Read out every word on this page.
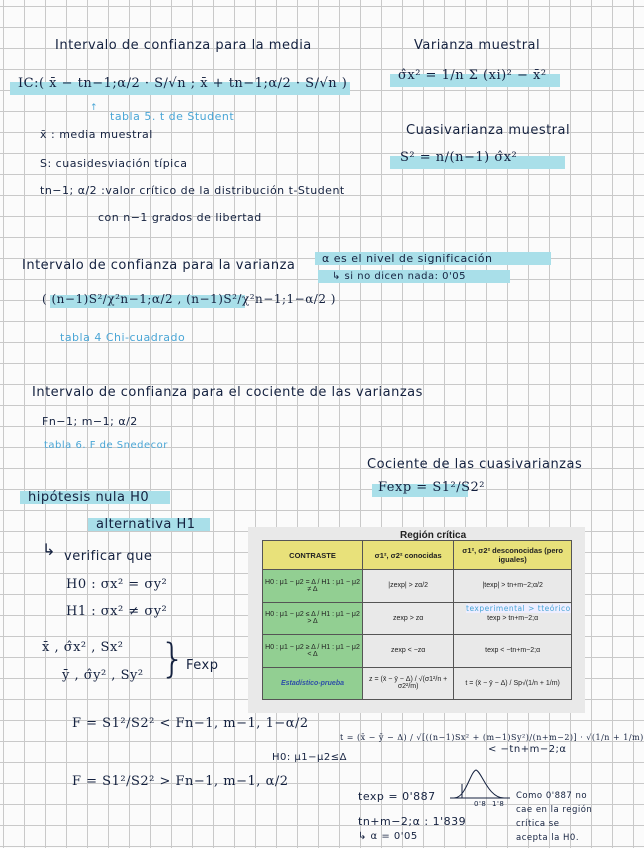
Intervalo de confianza para la media
IC:( x̄ − tn−1;α/2 · S/√n ; x̄ + tn−1;α/2 · S/√n )
↑
tabla 5. t de Student
x̄ : media muestral
S: cuasidesviación típica
tn−1; α/2 :valor crítico de la distribución t-Student
con n−1 grados de libertad
Varianza muestral
σ̂x² = 1/n Σ (xi)² − x̄²
Cuasivarianza muestral
S² = n/(n−1) σ̂x²
Intervalo de confianza para la varianza
( (n−1)S²/χ²n−1;α/2 , (n−1)S²/χ²n−1;1−α/2 )
tabla 4 Chi-cuadrado
α es el nivel de significación
↳ si no dicen nada: 0'05
Intervalo de confianza para el cociente de las varianzas
Fn−1; m−1; α/2
tabla 6. F de Snedecor
Cociente de las cuasivarianzas
Fexp = S1²/S2²
hipótesis nula H0
alternativa H1
↳ verificar que
H0 : σx² = σy²
H1 : σx² ≠ σy²
x̄ , σ̂x² , Sx²
ȳ , σ̂y² , Sy² } Fexp
F = S1²/S2² < Fn−1, m−1, 1−α/2
F = S1²/S2² > Fn−1, m−1, α/2
Región crítica
CONTRASTE	σ1², σ2² conocidas	σ1², σ2² desconocidas (pero iguales)
H0 : μ1 − μ2 = Δ / H1 : μ1 − μ2 ≠ Δ	|zexp| > zα/2	|texp| > tn+m−2;α/2
H0 : μ1 − μ2 ≤ Δ / H1 : μ1 − μ2 > Δ	zexp > zα	texp > tn+m−2;α
H0 : μ1 − μ2 ≥ Δ / H1 : μ1 − μ2 < Δ	zexp < −zα	texp < −tn+m−2;α
Estadístico-prueba	z = (x̄ − ȳ − Δ) / √(σ1²/n + σ2²/m)	t = (x̄ − ȳ − Δ) / Sp√(1/n + 1/m)
texperimental > tteórico
H0: μ1−μ2≤Δ
t = (x̄ − ȳ − Δ) / √[((n−1)Sx² + (m−1)Sy²)/(n+m−2)] · √(1/n + 1/m)
< −tn+m−2;α
texp = 0'887
tn+m−2;α : 1'839
↳ α = 0'05
0'8 1'8
Como 0'887 no cae en la región crítica se acepta la H0.
